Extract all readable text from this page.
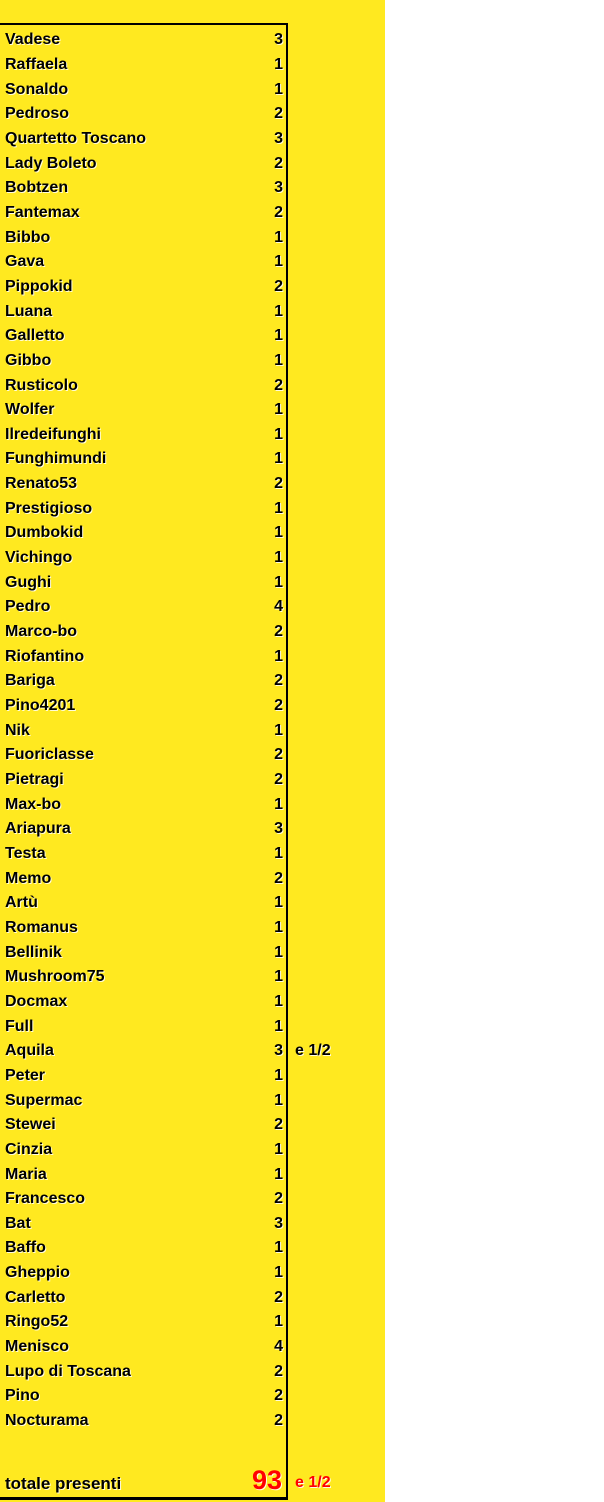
Vadese	3
Raffaela	1
Sonaldo	1
Pedroso	2
Quartetto Toscano	3
Lady Boleto	2
Bobtzen	3
Fantemax	2
Bibbo	1
Gava	1
Pippokid	2
Luana	1
Galletto	1
Gibbo	1
Rusticolo	2
Wolfer	1
Ilredeifunghi	1
Funghimundi	1
Renato53	2
Prestigioso	1
Dumbokid	1
Vichingo	1
Gughi	1
Pedro	4
Marco-bo	2
Riofantino	1
Bariga	2
Pino4201	2
Nik	1
Fuoriclasse	2
Pietragi	2
Max-bo	1
Ariapura	3
Testa	1
Memo	2
Artù	1
Romanus	1
Bellinik	1
Mushroom75	1
Docmax	1
Full	1
Aquila	3 e 1/2
Peter	1
Supermac	1
Stewei	2
Cinzia	1
Maria	1
Francesco	2
Bat	3
Baffo	1
Gheppio	1
Carletto	2
Ringo52	1
Menisco	4
Lupo di Toscana	2
Pino	2
Nocturama	2
totale presenti	93 e 1/2
